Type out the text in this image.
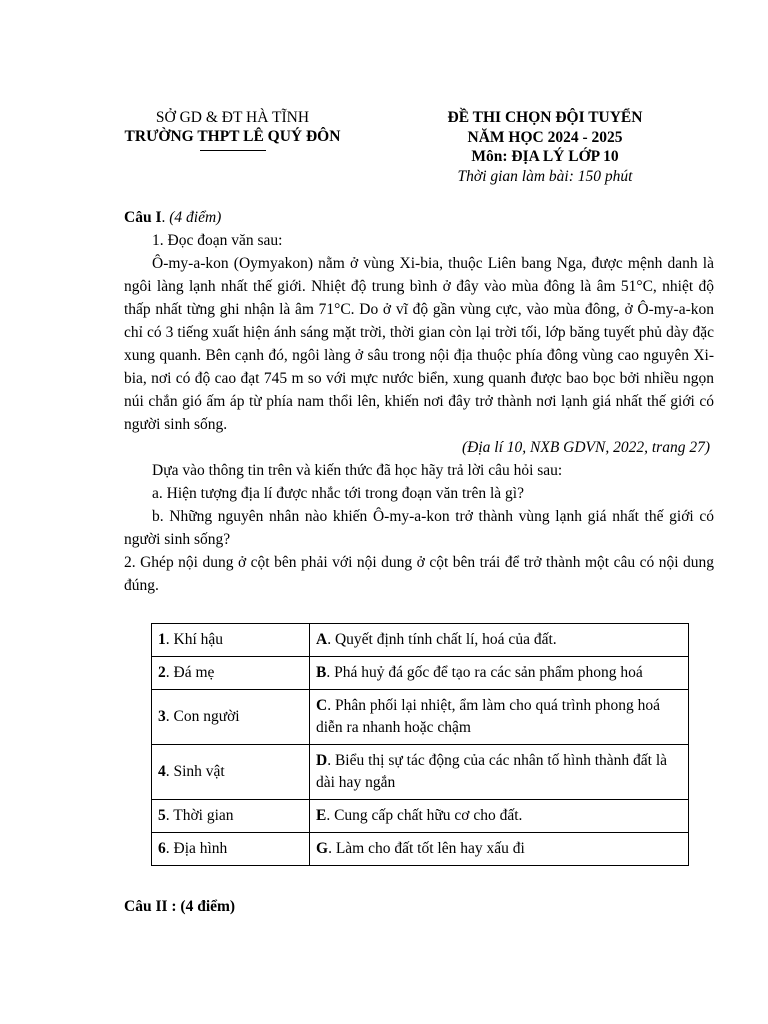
SỞ GD & ĐT HÀ TĨNH
TRƯỜNG THPT LÊ QUÝ ĐÔN
ĐỀ THI CHỌN ĐỘI TUYỂN
NĂM HỌC 2024 - 2025
Môn: ĐỊA LÝ LỚP 10
Thời gian làm bài: 150 phút

Câu I. (4 điểm)

1. Đọc đoạn văn sau:

Ô-my-a-kon (Oymyakon) nằm ở vùng Xi-bia, thuộc Liên bang Nga, được mệnh danh là ngôi làng lạnh nhất thế giới. Nhiệt độ trung bình ở đây vào mùa đông là âm 51°C, nhiệt độ thấp nhất từng ghi nhận là âm 71°C. Do ở vĩ độ gần vùng cực, vào mùa đông, ở Ô-my-a-kon chỉ có 3 tiếng xuất hiện ánh sáng mặt trời, thời gian còn lại trời tối, lớp băng tuyết phủ dày đặc xung quanh. Bên cạnh đó, ngôi làng ở sâu trong nội địa thuộc phía đông vùng cao nguyên Xi-bia, nơi có độ cao đạt 745 m so với mực nước biển, xung quanh được bao bọc bởi nhiều ngọn núi chắn gió ấm áp từ phía nam thổi lên, khiến nơi đây trở thành nơi lạnh giá nhất thế giới có người sinh sống.

(Địa lí 10, NXB GDVN, 2022, trang 27)

Dựa vào thông tin trên và kiến thức đã học hãy trả lời câu hỏi sau:

a. Hiện tượng địa lí được nhắc tới trong đoạn văn trên là gì?

b. Những nguyên nhân nào khiến Ô-my-a-kon trở thành vùng lạnh giá nhất thế giới có người sinh sống?

2. Ghép nội dung ở cột bên phải với nội dung ở cột bên trái để trở thành một câu có nội dung đúng.

1. Khí hậu	A. Quyết định tính chất lí, hoá của đất.
2. Đá mẹ	B. Phá huỷ đá gốc để tạo ra các sản phẩm phong hoá
3. Con người	C. Phân phối lại nhiệt, ẩm làm cho quá trình phong hoá diễn ra nhanh hoặc chậm
4. Sinh vật	D. Biểu thị sự tác động của các nhân tố hình thành đất là dài hay ngắn
5. Thời gian	E. Cung cấp chất hữu cơ cho đất.
6. Địa hình	G. Làm cho đất tốt lên hay xấu đi
Câu II : (4 điểm)
